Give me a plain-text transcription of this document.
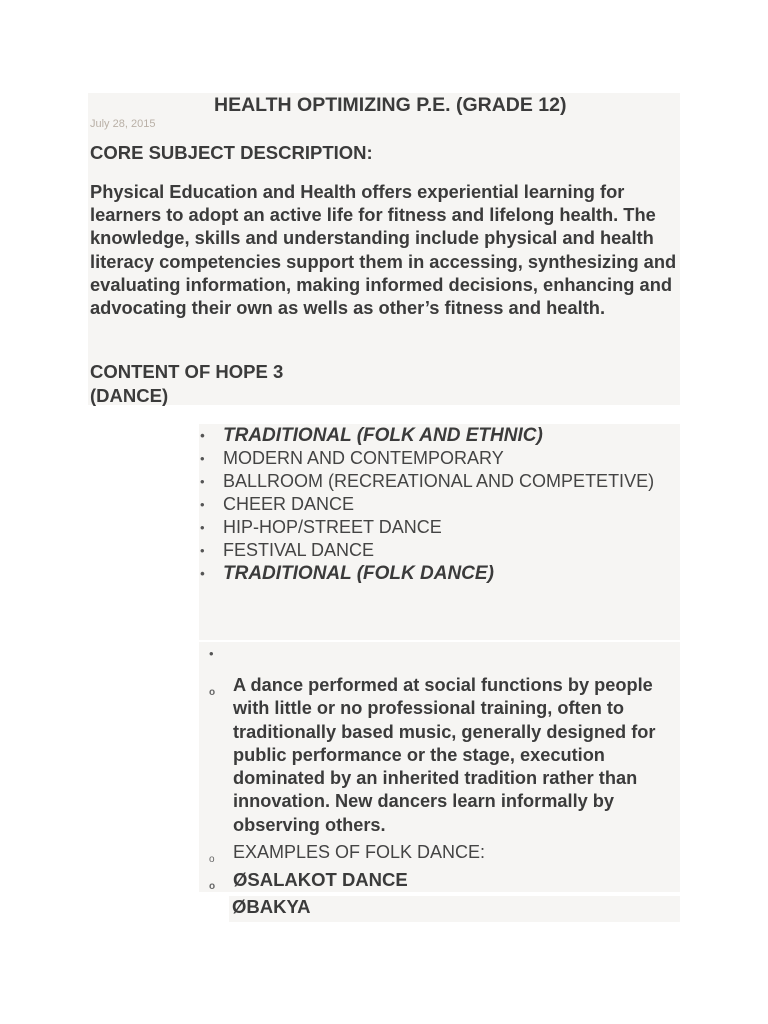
HEALTH OPTIMIZING P.E. (GRADE 12)
July 28, 2015
CORE SUBJECT DESCRIPTION:

Physical Education and Health offers experiential learning for learners to adopt an active life for fitness and lifelong health. The knowledge, skills and understanding include physical and health literacy competencies support them in accessing, synthesizing and evaluating information, making informed decisions, enhancing and advocating their own as wells as other’s fitness and health.

CONTENT OF HOPE 3
(DANCE)
• TRADITIONAL (FOLK AND ETHNIC)
• MODERN AND CONTEMPORARY
• BALLROOM (RECREATIONAL AND COMPETETIVE)
• CHEER DANCE
• HIP-HOP/STREET DANCE
• FESTIVAL DANCE
• TRADITIONAL (FOLK DANCE)
•
o A dance performed at social functions by people with little or no professional training, often to traditionally based music, generally designed for public performance or the stage, execution dominated by an inherited tradition rather than innovation. New dancers learn informally by observing others.
o EXAMPLES OF FOLK DANCE:
o ØSALAKOT DANCE
ØBAKYA
